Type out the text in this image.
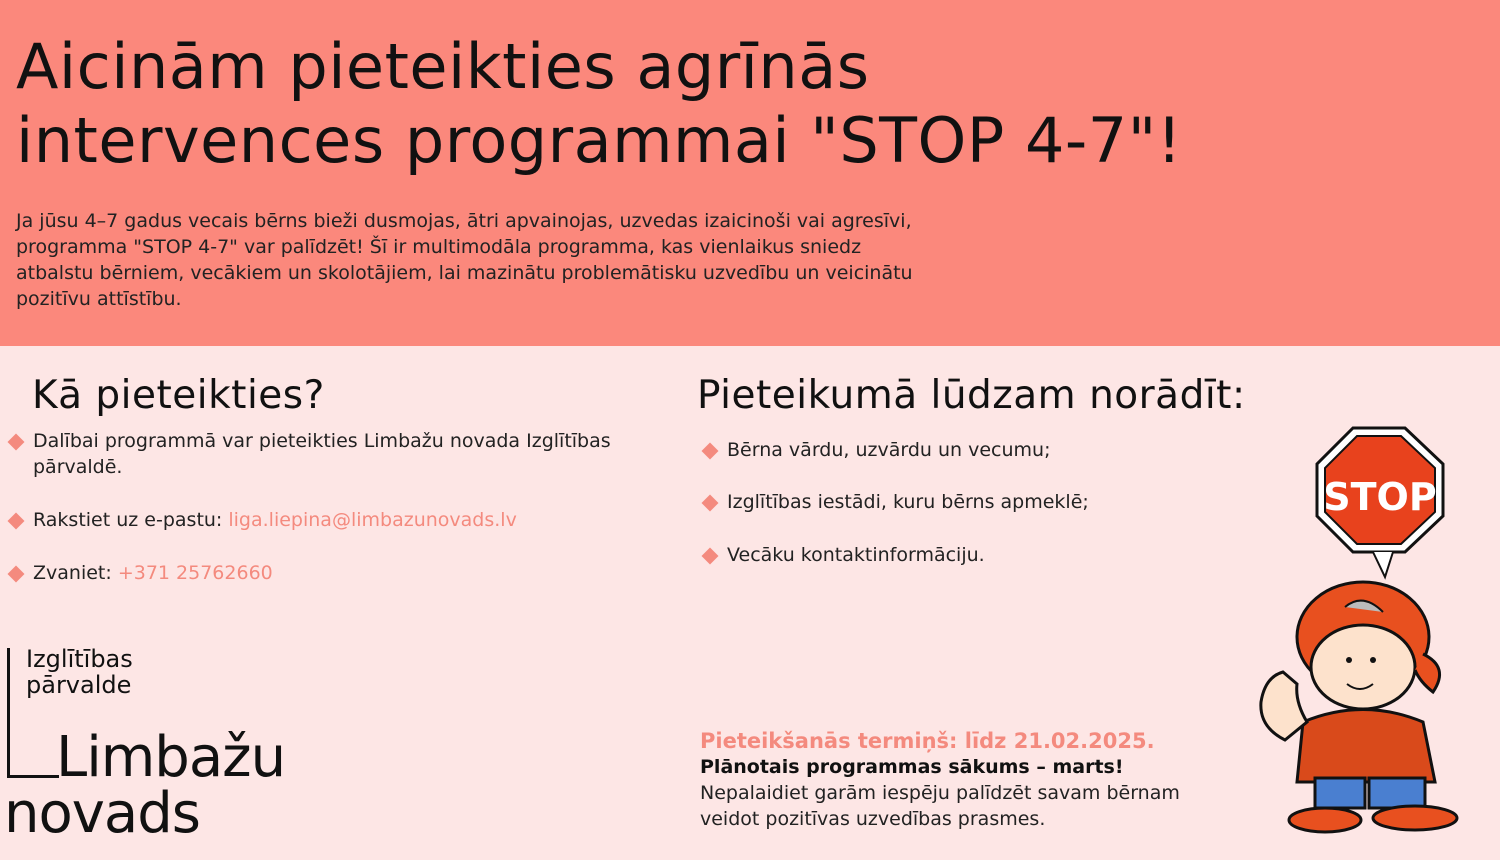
Aicinām pieteikties agrīnās
intervences programmai "STOP 4-7"!

Ja jūsu 4–7 gadus vecais bērns bieži dusmojas, ātri apvainojas, uzvedas izaicinoši vai agresīvi, programma "STOP 4-7" var palīdzēt! Šī ir multimodāla programma, kas vienlaikus sniedz atbalstu bērniem, vecākiem un skolotājiem, lai mazinātu problemātisku uzvedību un veicinātu pozitīvu attīstību.

Kā pieteikties?
Dalībai programmā var pieteikties Limbažu novada Izglītības pārvaldē.
Rakstiet uz e-pastu: liga.liepina@limbazunovads.lv
Zvaniet: +371 25762660
Pieteikumā lūdzam norādīt:
Bērna vārdu, uzvārdu un vecumu;
Izglītības iestādi, kuru bērns apmeklē;
Vecāku kontaktinformāciju.
Izglītības
pārvalde
Limbažu
novads
Pieteikšanās termiņš: līdz 21.02.2025.
Plānotais programmas sākums – marts!
Nepalaidiet garām iespēju palīdzēt savam bērnam veidot pozitīvas uzvedības prasmes.
STOP
